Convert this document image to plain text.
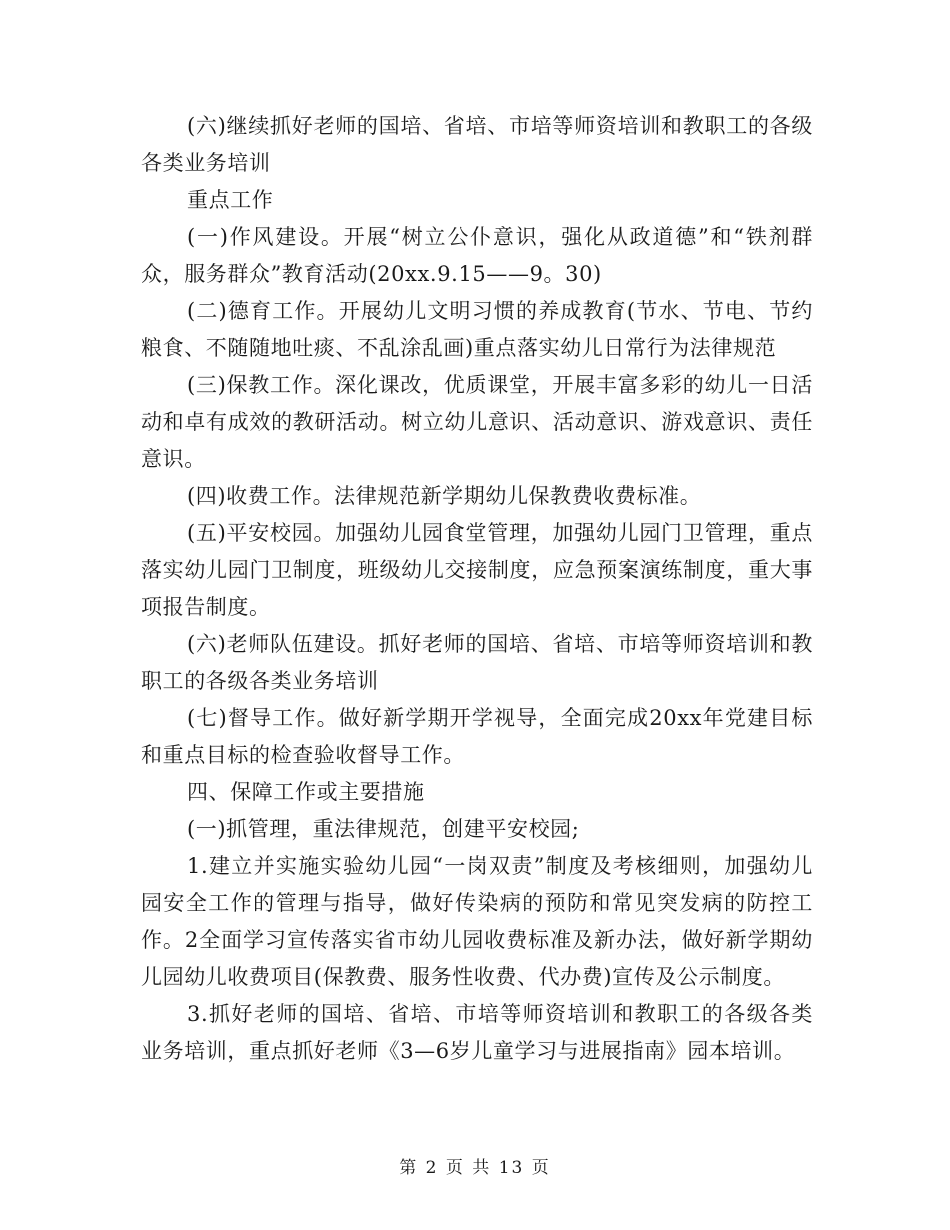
(六)继续抓好老师的国培、省培、市培等师资培训和教职工的各级各类业务培训

重点工作

(一)作风建设。开展“树立公仆意识，强化从政道德”和“铁剂群众，服务群众”教育活动(20xx.9.15——9。30)

(二)德育工作。开展幼儿文明习惯的养成教育(节水、节电、节约粮食、不随随地吐痰、不乱涂乱画)重点落实幼儿日常行为法律规范

(三)保教工作。深化课改，优质课堂，开展丰富多彩的幼儿一日活动和卓有成效的教研活动。树立幼儿意识、活动意识、游戏意识、责任意识。

(四)收费工作。法律规范新学期幼儿保教费收费标准。

(五)平安校园。加强幼儿园食堂管理，加强幼儿园门卫管理，重点落实幼儿园门卫制度，班级幼儿交接制度，应急预案演练制度，重大事项报告制度。

(六)老师队伍建设。抓好老师的国培、省培、市培等师资培训和教职工的各级各类业务培训

(七)督导工作。做好新学期开学视导，全面完成20xx年党建目标和重点目标的检查验收督导工作。

四、保障工作或主要措施

(一)抓管理，重法律规范，创建平安校园;

1.建立并实施实验幼儿园“一岗双责”制度及考核细则，加强幼儿园安全工作的管理与指导，做好传染病的预防和常见突发病的防控工作。2全面学习宣传落实省市幼儿园收费标准及新办法，做好新学期幼儿园幼儿收费项目(保教费、服务性收费、代办费)宣传及公示制度。

3.抓好老师的国培、省培、市培等师资培训和教职工的各级各类业务培训，重点抓好老师《3—6岁儿童学习与进展指南》园本培训。

第 2 页 共 13 页
